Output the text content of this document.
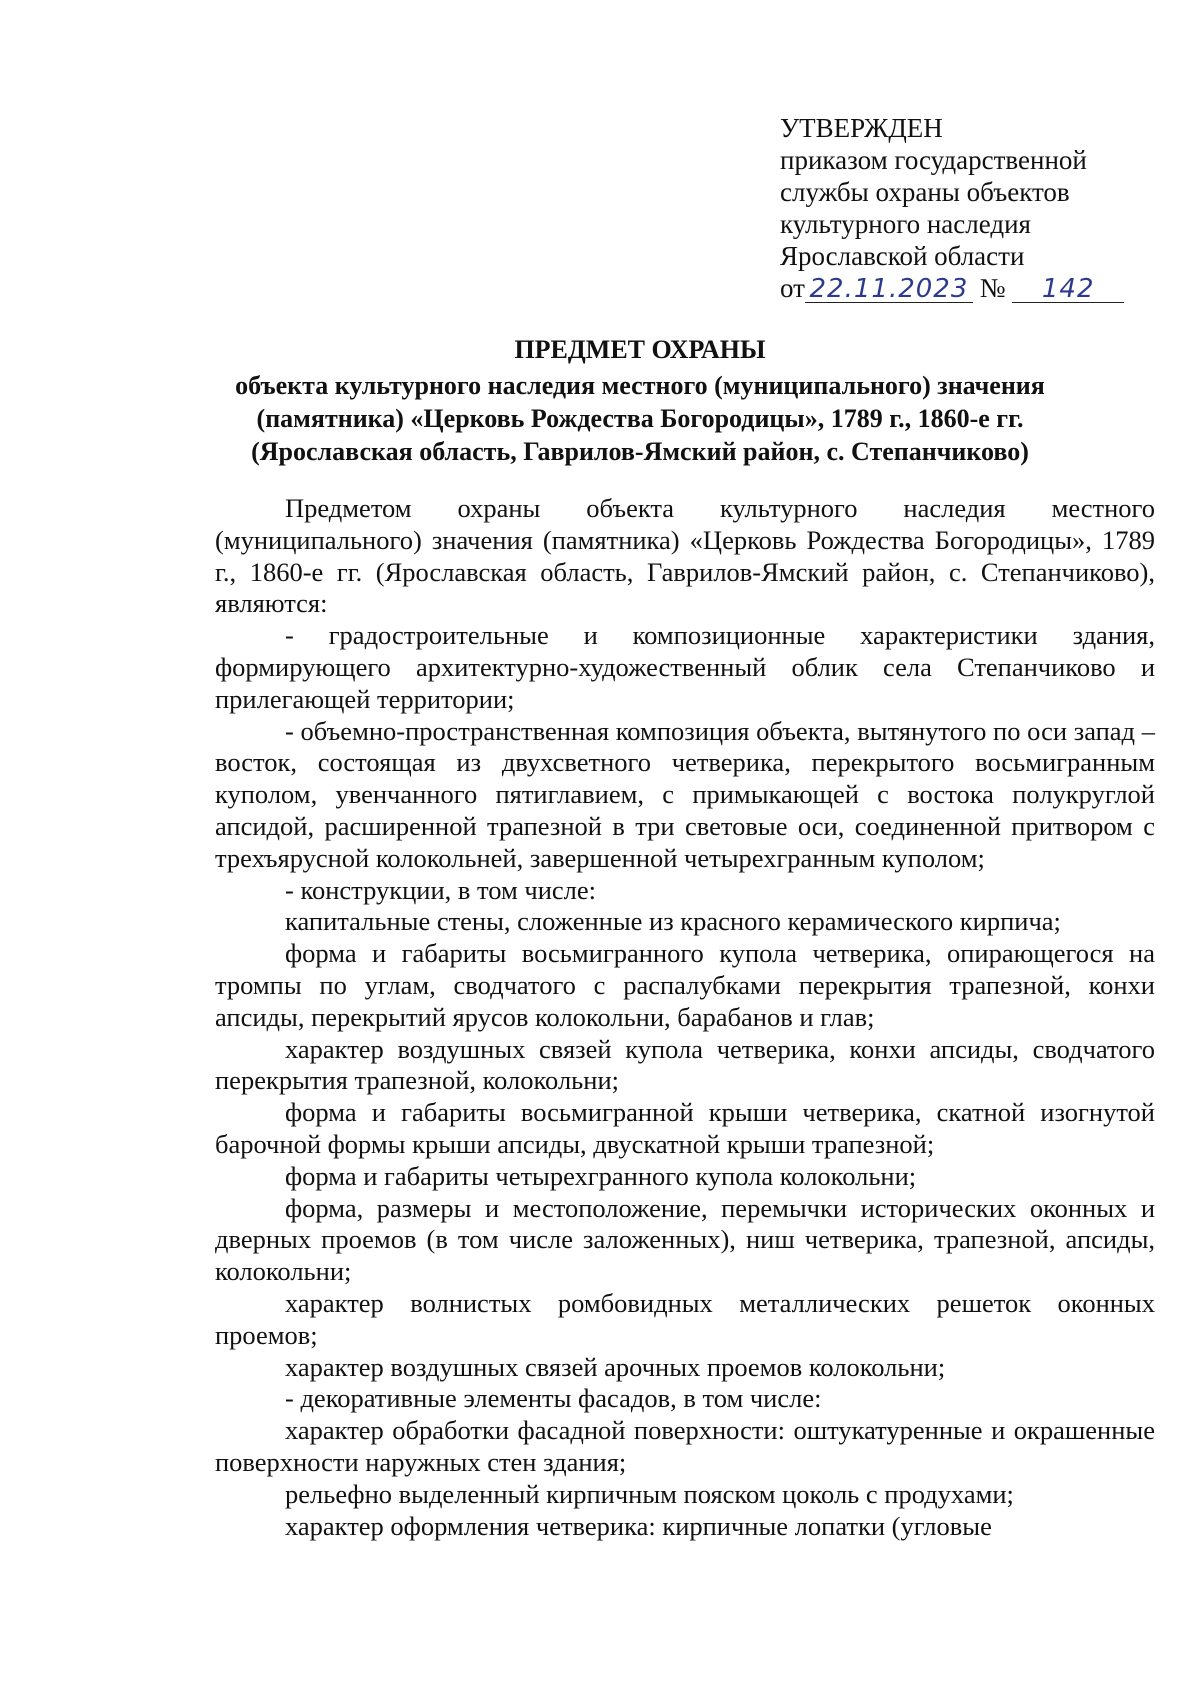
УТВЕРЖДЕН
приказом государственной
службы охраны объектов
культурного наследия
Ярославской области
от 22.11.2023 № 142
ПРЕДМЕТ ОХРАНЫ
объекта культурного наследия местного (муниципального) значения
(памятника) «Церковь Рождества Богородицы», 1789 г., 1860-е гг.
(Ярославская область, Гаврилов-Ямский район, с. Степанчиково)

Предметом охраны объекта культурного наследия местного (муниципального) значения (памятника) «Церковь Рождества Богородицы», 1789 г., 1860-е гг. (Ярославская область, Гаврилов-Ямский район, с. Степанчиково), являются:

- градостроительные и композиционные характеристики здания, формирующего архитектурно-художественный облик села Степанчиково и прилегающей территории;

- объемно-пространственная композиция объекта, вытянутого по оси запад – восток, состоящая из двухсветного четверика, перекрытого восьмигранным куполом, увенчанного пятиглавием, с примыкающей с востока полукруглой апсидой, расширенной трапезной в три световые оси, соединенной притвором с трехъярусной колокольней, завершенной четырехгранным куполом;

- конструкции, в том числе:

капитальные стены, сложенные из красного керамического кирпича;

форма и габариты восьмигранного купола четверика, опирающегося на тромпы по углам, сводчатого с распалубками перекрытия трапезной, конхи апсиды, перекрытий ярусов колокольни, барабанов и глав;

характер воздушных связей купола четверика, конхи апсиды, сводчатого перекрытия трапезной, колокольни;

форма и габариты восьмигранной крыши четверика, скатной изогнутой барочной формы крыши апсиды, двускатной крыши трапезной;

форма и габариты четырехгранного купола колокольни;

форма, размеры и местоположение, перемычки исторических оконных и дверных проемов (в том числе заложенных), ниш четверика, трапезной, апсиды, колокольни;

характер волнистых ромбовидных металлических решеток оконных проемов;

характер воздушных связей арочных проемов колокольни;

- декоративные элементы фасадов, в том числе:

характер обработки фасадной поверхности: оштукатуренные и окрашенные поверхности наружных стен здания;

рельефно выделенный кирпичным пояском цоколь с продухами;

характер оформления четверика: кирпичные лопатки (угловые
